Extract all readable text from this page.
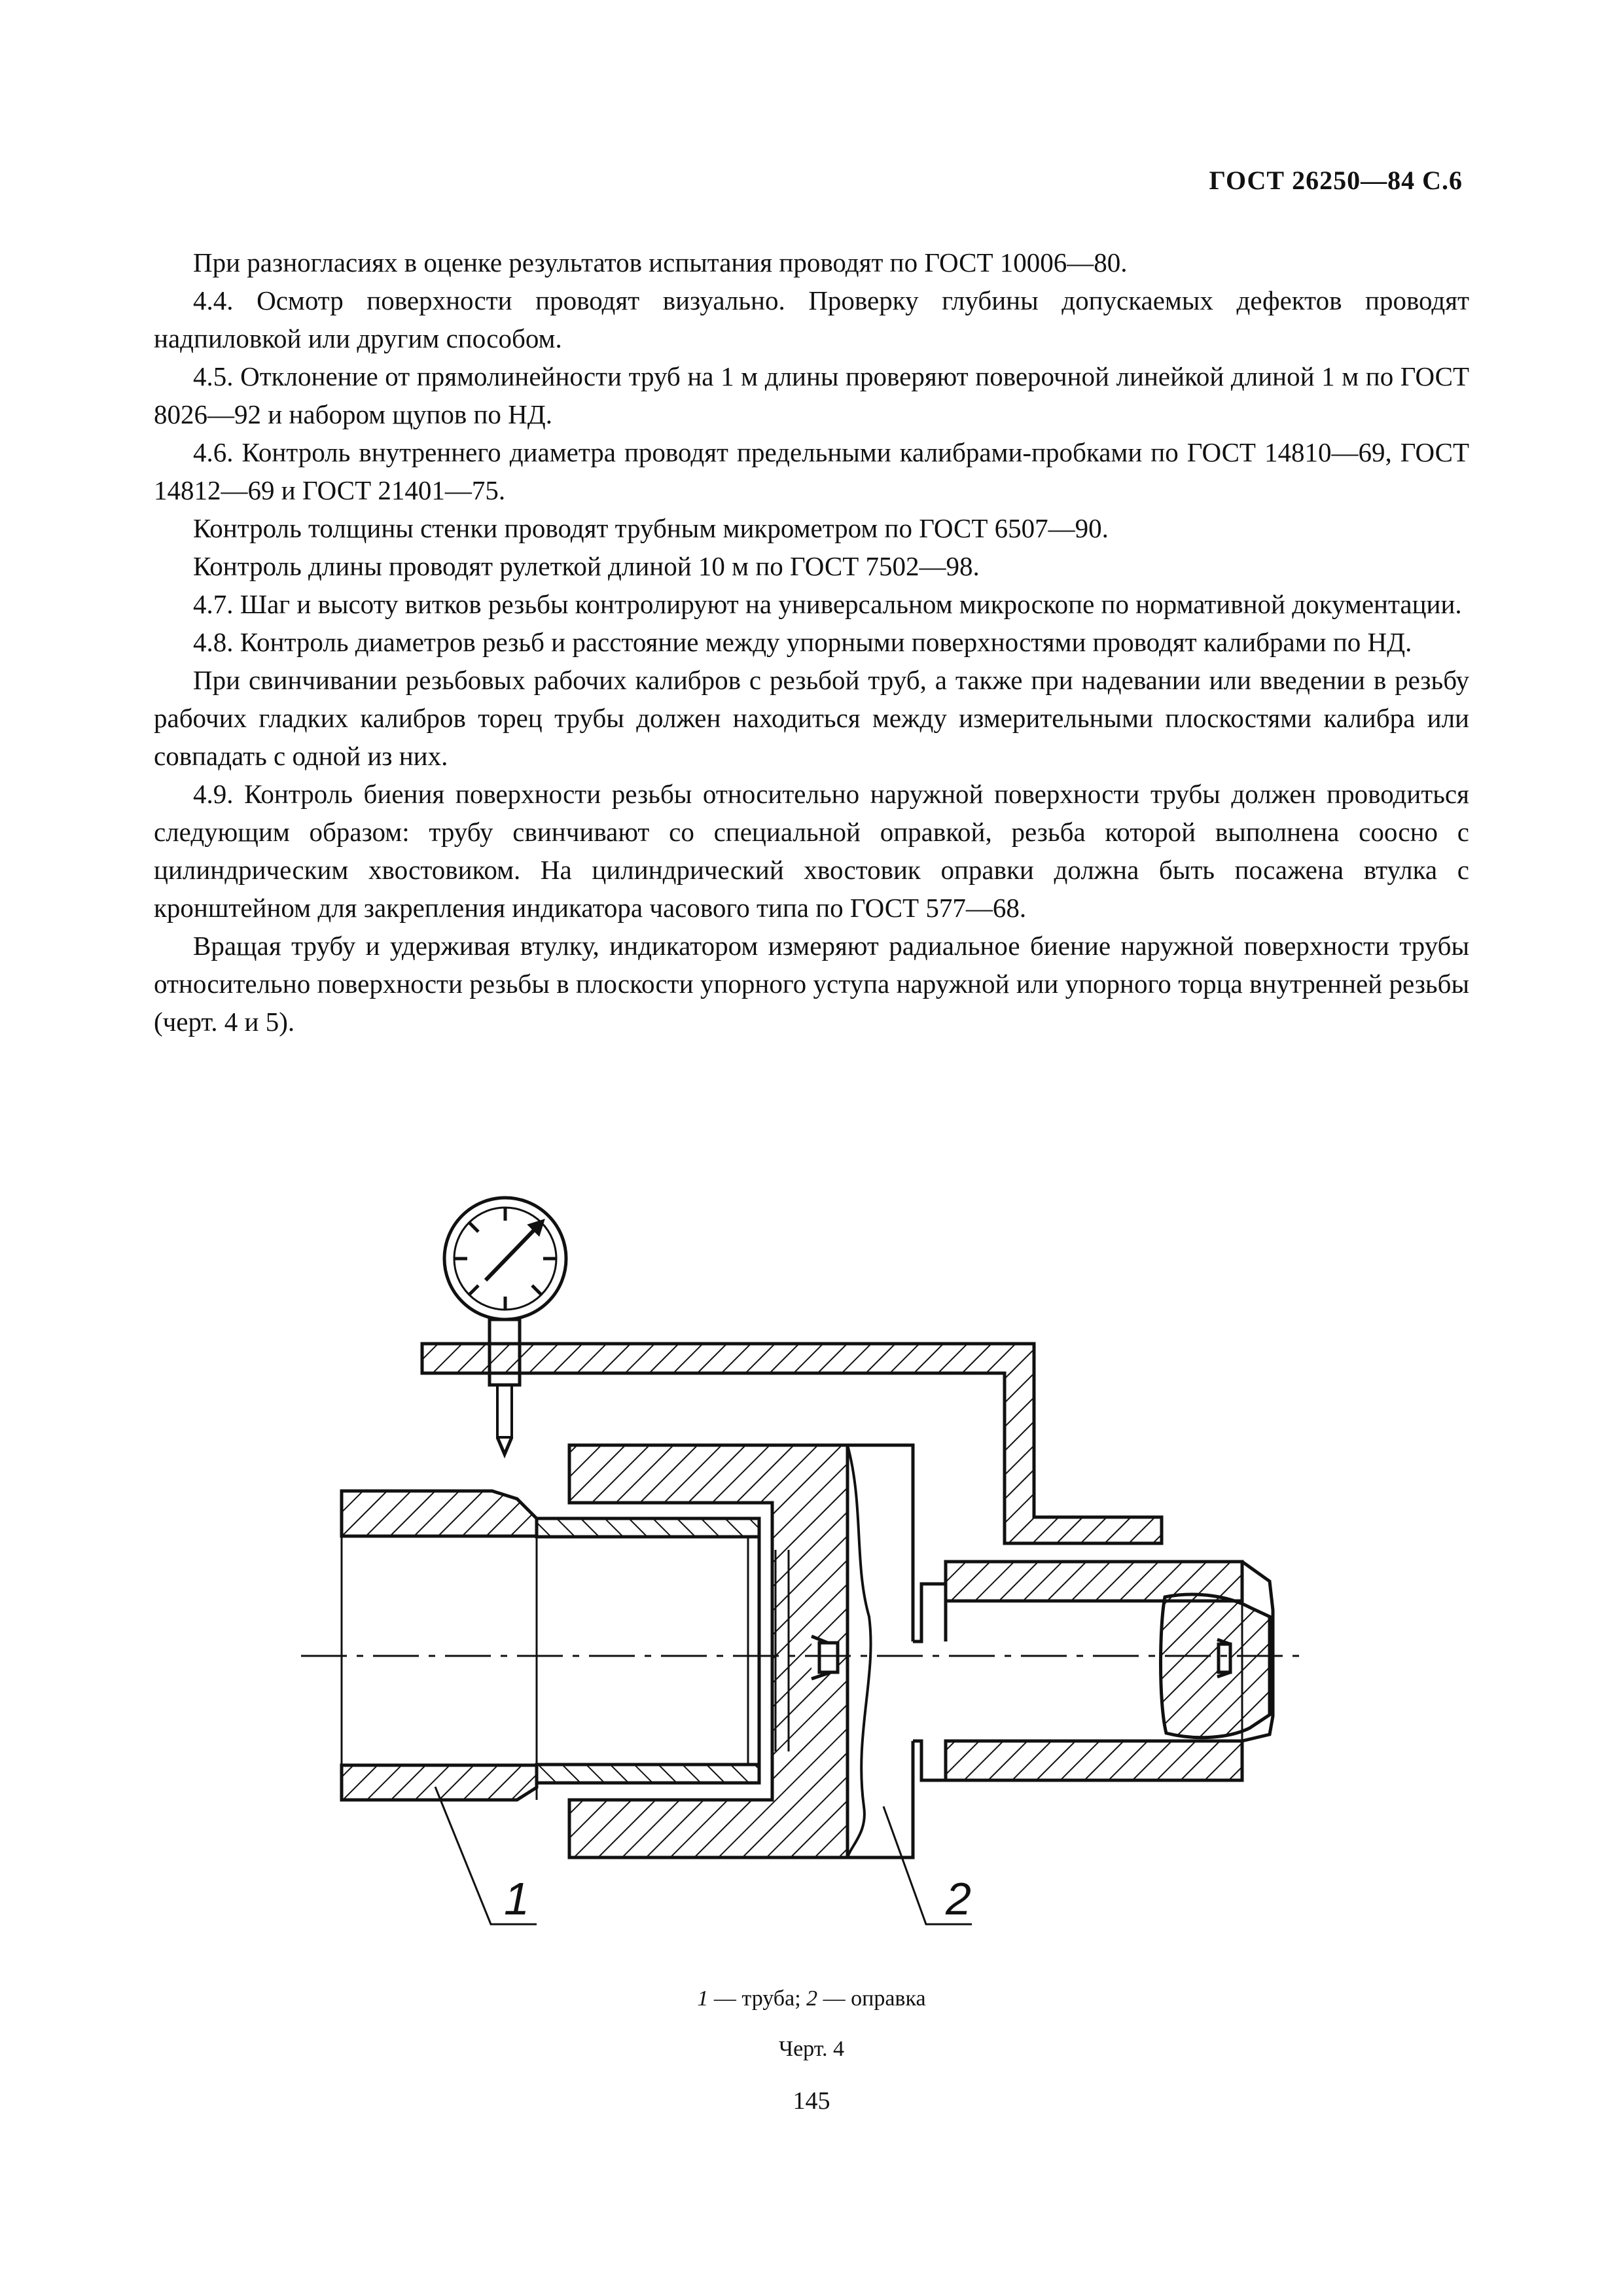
ГОСТ 26250—84 С.6

При разногласиях в оценке результатов испытания проводят по ГОСТ 10006—80.

4.4. Осмотр поверхности проводят визуально. Проверку глубины допускаемых дефектов проводят надпиловкой или другим способом.

4.5. Отклонение от прямолинейности труб на 1 м длины проверяют поверочной линейкой длиной 1 м по ГОСТ 8026—92 и набором щупов по НД.

4.6. Контроль внутреннего диаметра проводят предельными калибрами-пробками по ГОСТ 14810—69, ГОСТ 14812—69 и ГОСТ 21401—75.

Контроль толщины стенки проводят трубным микрометром по ГОСТ 6507—90.

Контроль длины проводят рулеткой длиной 10 м по ГОСТ 7502—98.

4.7. Шаг и высоту витков резьбы контролируют на универсальном микроскопе по нормативной документации.

4.8. Контроль диаметров резьб и расстояние между упорными поверхностями проводят калибрами по НД.

При свинчивании резьбовых рабочих калибров с резьбой труб, а также при надевании или введении в резьбу рабочих гладких калибров торец трубы должен находиться между измерительными плоскостями калибра или совпадать с одной из них.

4.9. Контроль биения поверхности резьбы относительно наружной поверхности трубы должен проводиться следующим образом: трубу свинчивают со специальной оправкой, резьба которой выполнена соосно с цилиндрическим хвостовиком. На цилиндрический хвостовик оправки должна быть посажена втулка с кронштейном для закрепления индикатора часового типа по ГОСТ 577—68.

Вращая трубу и удерживая втулку, индикатором измеряют радиальное биение наружной поверхности трубы относительно поверхности резьбы в плоскости упорного уступа наружной или упорного торца внутренней резьбы (черт. 4 и 5).

1	2
1 — труба; 2 — оправка
Черт. 4
145
